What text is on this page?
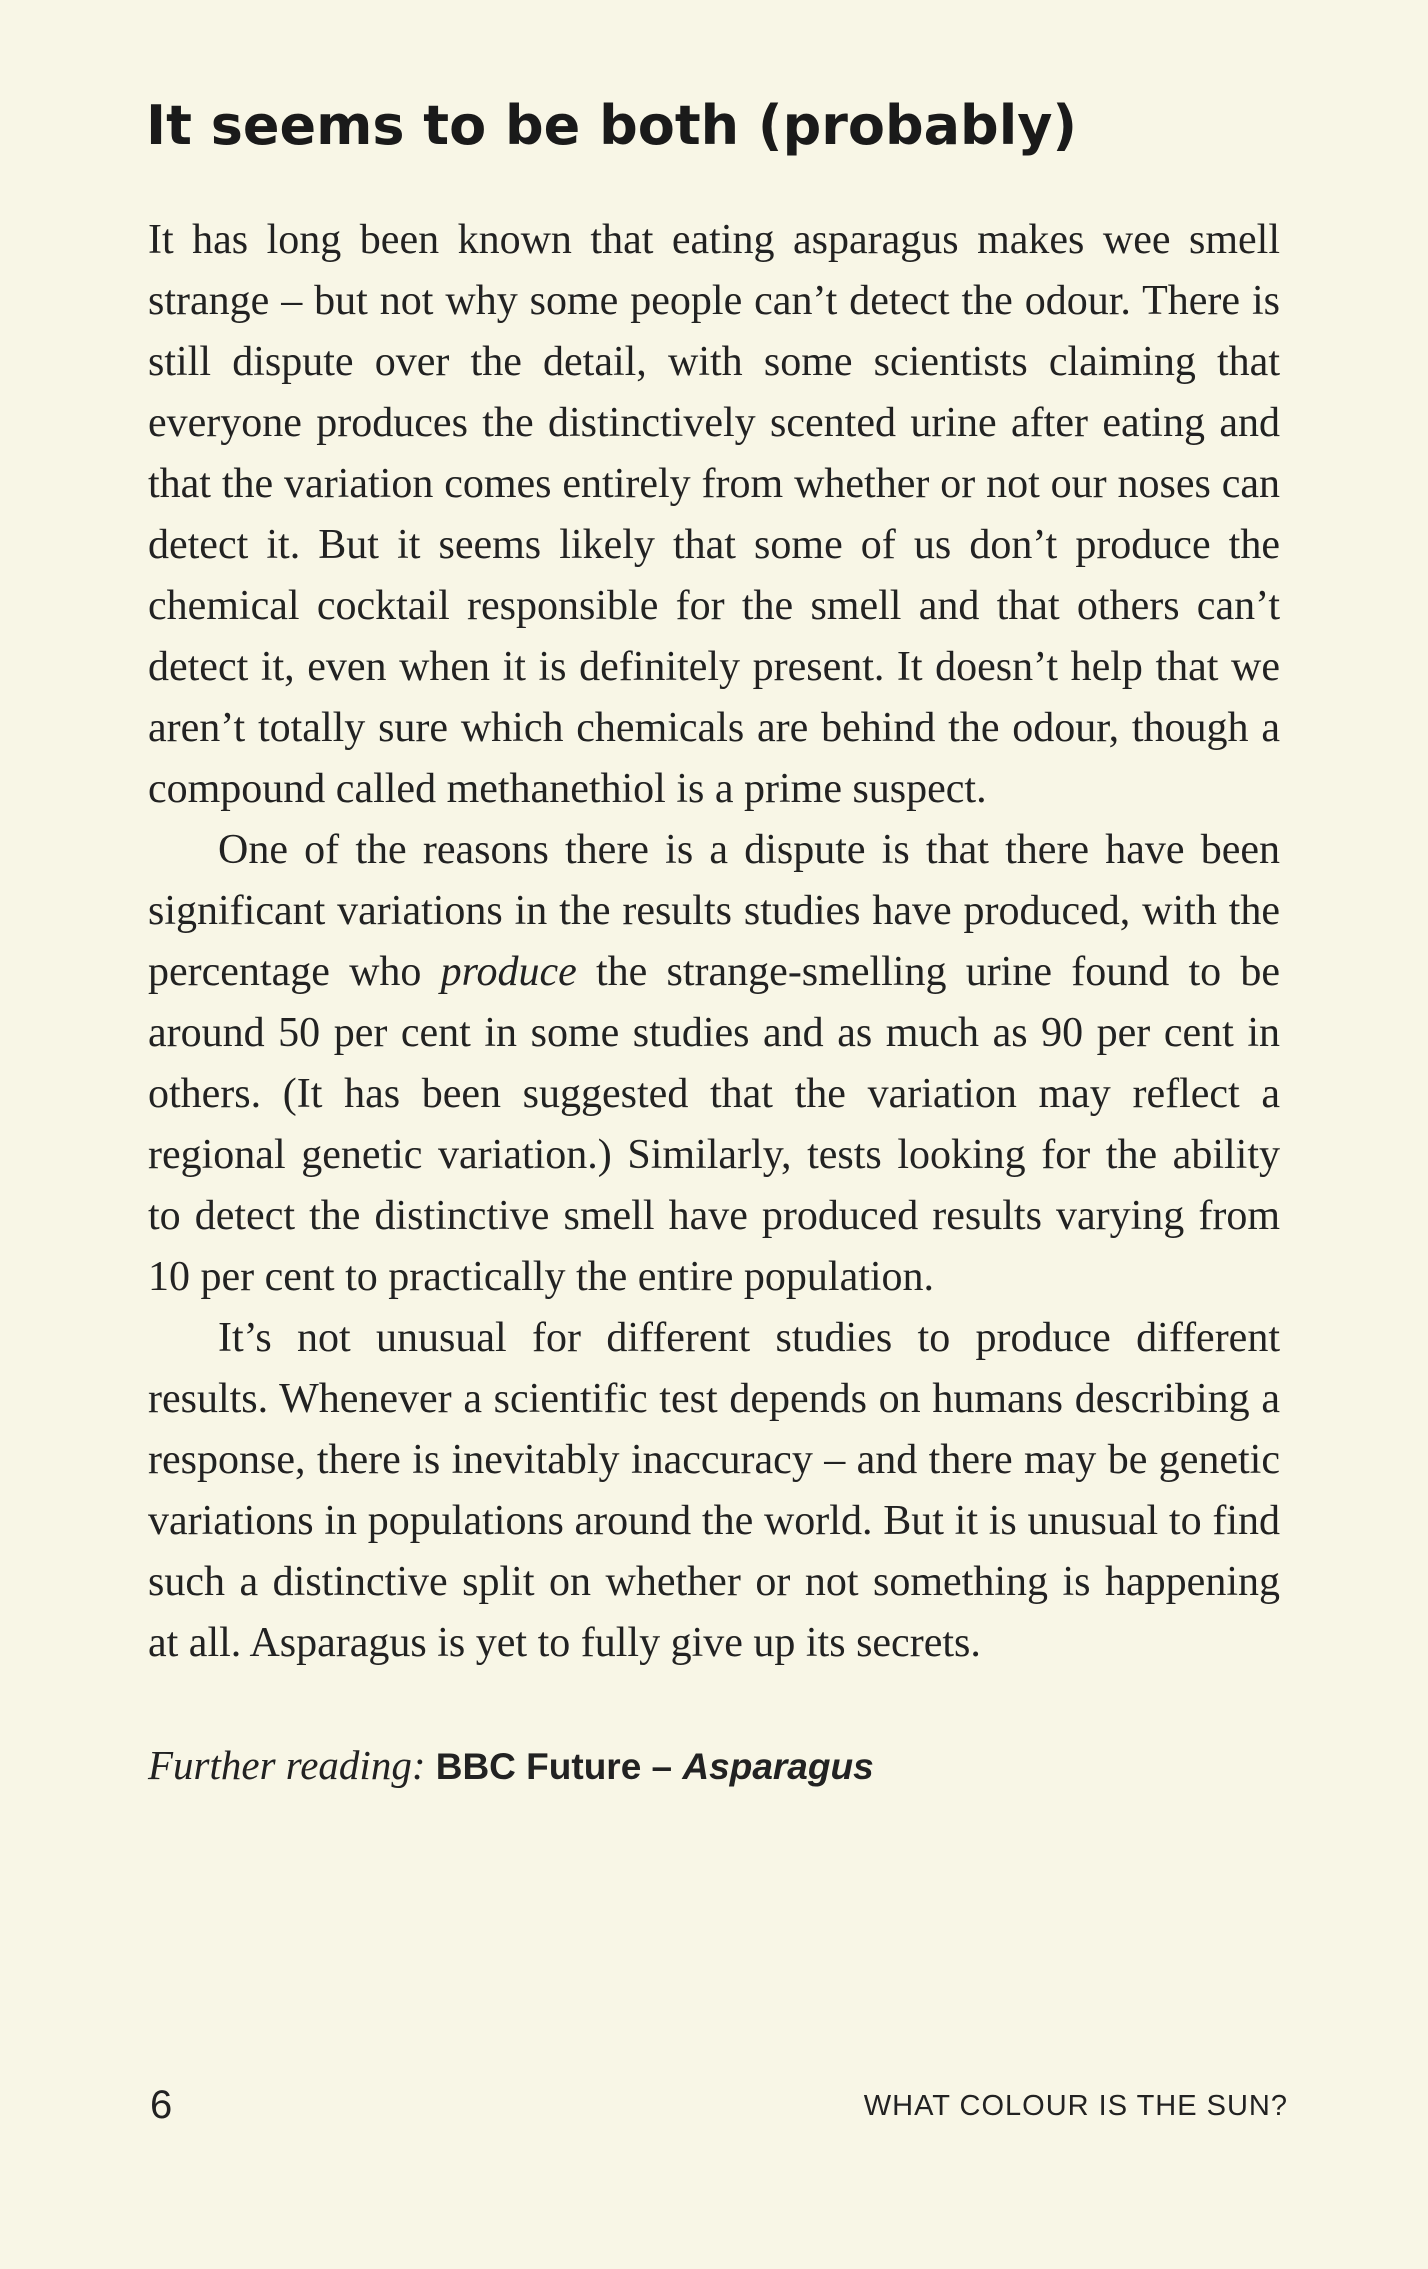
It seems to be both (probably)

It has long been known that eating asparagus makes wee smell strange – but not why some people can’t detect the odour. There is still dispute over the detail, with some scientists claiming that everyone produces the distinctively scented urine after eating and that the variation comes entirely from whether or not our noses can detect it. But it seems likely that some of us don’t produce the chemical cocktail responsible for the smell and that others can’t detect it, even when it is definitely present. It doesn’t help that we aren’t totally sure which chemicals are behind the odour, though a compound called methanethiol is a prime suspect.

One of the reasons there is a dispute is that there have been significant variations in the results studies have produced, with the percentage who produce the strange-smelling urine found to be around 50 per cent in some studies and as much as 90 per cent in others. (It has been suggested that the variation may reflect a regional genetic variation.) Similarly, tests looking for the ability to detect the distinctive smell have produced results varying from 10 per cent to practically the entire population.

It’s not unusual for different studies to produce different results. Whenever a scientific test depends on humans describing a response, there is inevitably inaccuracy – and there may be genetic variations in populations around the world. But it is unusual to find such a distinctive split on whether or not something is happening at all. Asparagus is yet to fully give up its secrets.

Further reading: BBC Future – Asparagus

6	WHAT COLOUR IS THE SUN?
